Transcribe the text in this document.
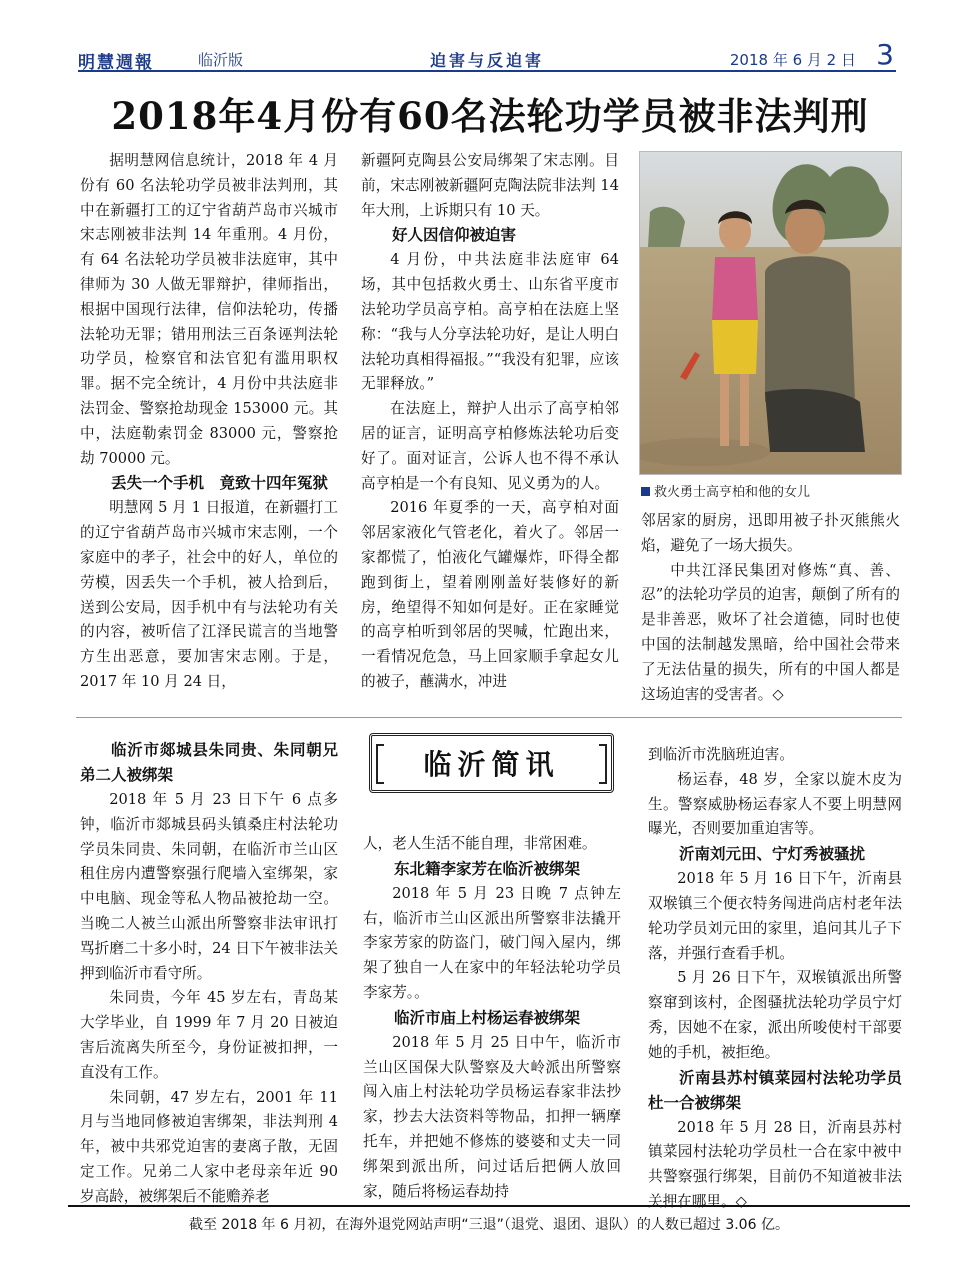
明慧週報	临沂版	迫害与反迫害	2018 年 6 月 2 日 3
2018年4月份有60名法轮功学员被非法判刑

据明慧网信息统计，2018 年 4 月份有 60 名法轮功学员被非法判刑，其中在新疆打工的辽宁省葫芦岛市兴城市宋志刚被非法判 14 年重刑。4 月份，有 64 名法轮功学员被非法庭审，其中律师为 30 人做无罪辩护，律师指出，根据中国现行法律，信仰法轮功，传播法轮功无罪；错用刑法三百条诬判法轮功学员，检察官和法官犯有滥用职权罪。据不完全统计，4 月份中共法庭非法罚金、警察抢劫现金 153000 元。其中，法庭勒索罚金 83000 元，警察抢劫 70000 元。

丢失一个手机　竟致十四年冤狱

明慧网 5 月 1 日报道，在新疆打工的辽宁省葫芦岛市兴城市宋志刚，一个家庭中的孝子，社会中的好人，单位的劳模，因丢失一个手机，被人拾到后，送到公安局，因手机中有与法轮功有关的内容，被听信了江泽民谎言的当地警方生出恶意，要加害宋志刚。于是，2017 年 10 月 24 日，

新疆阿克陶县公安局绑架了宋志刚。目前，宋志刚被新疆阿克陶法院非法判 14 年大刑，上诉期只有 10 天。

好人因信仰被迫害

4 月份，中共法庭非法庭审 64 场，其中包括救火勇士、山东省平度市法轮功学员高亨柏。高亨柏在法庭上坚称：“我与人分享法轮功好，是让人明白法轮功真相得福报。”“我没有犯罪，应该无罪释放。”

在法庭上，辩护人出示了高亨柏邻居的证言，证明高亨柏修炼法轮功后变好了。面对证言，公诉人也不得不承认高亨柏是一个有良知、见义勇为的人。

2016 年夏季的一天，高亨柏对面邻居家液化气管老化，着火了。邻居一家都慌了，怕液化气罐爆炸，吓得全都跑到街上，望着刚刚盖好装修好的新房，绝望得不知如何是好。正在家睡觉的高亨柏听到邻居的哭喊，忙跑出来，一看情况危急，马上回家顺手拿起女儿的被子，蘸满水，冲进

救火勇士高亨柏和他的女儿

邻居家的厨房，迅即用被子扑灭熊熊火焰，避免了一场大损失。

中共江泽民集团对修炼“真、善、忍”的法轮功学员的迫害，颠倒了所有的是非善恶，败坏了社会道德，同时也使中国的法制越发黑暗，给中国社会带来了无法估量的损失，所有的中国人都是这场迫害的受害者。◇

临沂市郯城县朱同贵、朱同朝兄弟二人被绑架

2018 年 5 月 23 日下午 6 点多钟，临沂市郯城县码头镇桑庄村法轮功学员朱同贵、朱同朝，在临沂市兰山区租住房内遭警察强行爬墙入室绑架，家中电脑、现金等私人物品被抢劫一空。当晚二人被兰山派出所警察非法审讯打骂折磨二十多小时，24 日下午被非法关押到临沂市看守所。

朱同贵，今年 45 岁左右，青岛某大学毕业，自 1999 年 7 月 20 日被迫害后流离失所至今，身份证被扣押，一直没有工作。

朱同朝，47 岁左右，2001 年 11 月与当地同修被迫害绑架，非法判刑 4 年，被中共邪党迫害的妻离子散，无固定工作。兄弟二人家中老母亲年近 90 岁高龄，被绑架后不能赡养老

临沂简讯

人，老人生活不能自理，非常困难。

东北籍李家芳在临沂被绑架

2018 年 5 月 23 日晚 7 点钟左右，临沂市兰山区派出所警察非法撬开李家芳家的防盗门，破门闯入屋内，绑架了独自一人在家中的年轻法轮功学员李家芳。。

临沂市庙上村杨运春被绑架

2018 年 5 月 25 日中午，临沂市兰山区国保大队警察及大岭派出所警察闯入庙上村法轮功学员杨运春家非法抄家，抄去大法资料等物品，扣押一辆摩托车，并把她不修炼的婆婆和丈夫一同绑架到派出所，问过话后把俩人放回家，随后将杨运春劫持

到临沂市洗脑班迫害。

杨运春，48 岁，全家以旋木皮为生。警察威胁杨运春家人不要上明慧网曝光，否则要加重迫害等。

沂南刘元田、宁灯秀被骚扰

2018 年 5 月 16 日下午，沂南县双堠镇三个便衣特务闯进尚店村老年法轮功学员刘元田的家里，追问其儿子下落，并强行查看手机。

5 月 26 日下午，双堠镇派出所警察窜到该村，企图骚扰法轮功学员宁灯秀，因她不在家，派出所唆使村干部要她的手机，被拒绝。

沂南县苏村镇菜园村法轮功学员杜一合被绑架

2018 年 5 月 28 日，沂南县苏村镇菜园村法轮功学员杜一合在家中被中共警察强行绑架，目前仍不知道被非法关押在哪里。◇

截至 2018 年 6 月初，在海外退党网站声明“三退”（退党、退团、退队）的人数已超过 3.06 亿。
